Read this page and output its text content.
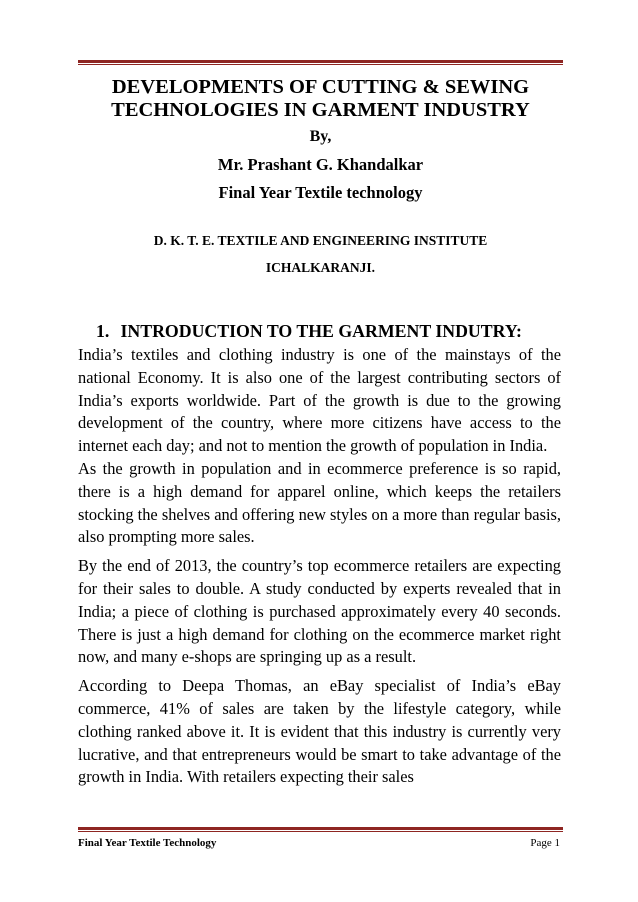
DEVELOPMENTS OF CUTTING & SEWING
TECHNOLOGIES IN GARMENT INDUSTRY
By,
Mr. Prashant G. Khandalkar
Final Year Textile technology
D. K. T. E. TEXTILE AND ENGINEERING INSTITUTE
ICHALKARANJI.
1. INTRODUCTION TO THE GARMENT INDUTRY:

India’s textiles and clothing industry is one of the mainstays of the national Economy. It is also one of the largest contributing sectors of India’s exports worldwide. Part of the growth is due to the growing development of the country, where more citizens have access to the internet each day; and not to mention the growth of population in India.

As the growth in population and in ecommerce preference is so rapid, there is a high demand for apparel online, which keeps the retailers stocking the shelves and offering new styles on a more than regular basis, also prompting more sales.

By the end of 2013, the country’s top ecommerce retailers are expecting for their sales to double. A study conducted by experts revealed that in India; a piece of clothing is purchased approximately every 40 seconds. There is just a high demand for clothing on the ecommerce market right now, and many e-shops are springing up as a result.

According to Deepa Thomas, an eBay specialist of India’s eBay commerce, 41% of sales are taken by the lifestyle category, while clothing ranked above it. It is evident that this industry is currently very lucrative, and that entrepreneurs would be smart to take advantage of the growth in India. With retailers expecting their sales

Final Year Textile Technology	Page 1
